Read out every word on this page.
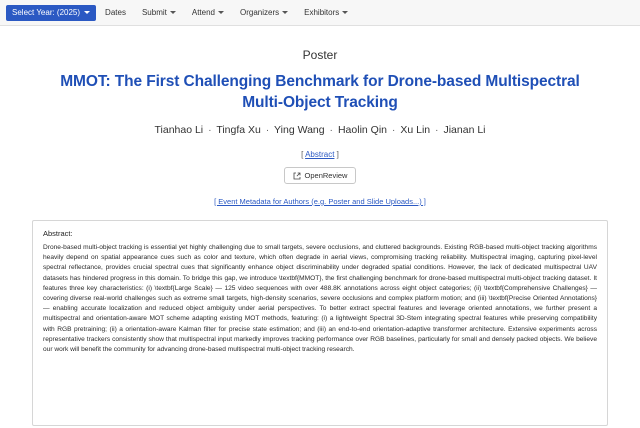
Select Year: (2025)	Dates Submit	Attend	Organizers	Exhibitors
Poster
MMOT: The First Challenging Benchmark for Drone-based Multispectral Multi-Object Tracking
Tianhao Li · Tingfa Xu · Ying Wang · Haolin Qin · Xu Lin · Jianan Li
[ Abstract ]
OpenReview
[ Event Metadata for Authors (e.g. Poster and Slide Uploads...) ]
Abstract:
Drone-based multi-object tracking is essential yet highly challenging due to small targets, severe occlusions, and cluttered backgrounds. Existing RGB-based multi-object tracking algorithms heavily depend on spatial appearance cues such as color and texture, which often degrade in aerial views, compromising tracking reliability. Multispectral imaging, capturing pixel-level spectral reflectance, provides crucial spectral cues that significantly enhance object discriminability under degraded spatial conditions. However, the lack of dedicated multispectral UAV datasets has hindered progress in this domain. To bridge this gap, we introduce \textbf{MMOT}, the first challenging benchmark for drone-based multispectral multi-object tracking dataset. It features three key characteristics: (i) \textbf{Large Scale} — 125 video sequences with over 488.8K annotations across eight object categories; (ii) \textbf{Comprehensive Challenges} — covering diverse real-world challenges such as extreme small targets, high-density scenarios, severe occlusions and complex platform motion; and (iii) \textbf{Precise Oriented Annotations} — enabling accurate localization and reduced object ambiguity under aerial perspectives. To better extract spectral features and leverage oriented annotations, we further present a multispectral and orientation-aware MOT scheme adapting existing MOT methods, featuring: (i) a lightweight Spectral 3D-Stem integrating spectral features while preserving compatibility with RGB pretraining; (ii) a orientation-aware Kalman filter for precise state estimation; and (iii) an end-to-end orientation-adaptive transformer architecture. Extensive experiments across representative trackers consistently show that multispectral input markedly improves tracking performance over RGB baselines, particularly for small and densely packed objects. We believe our work will benefit the community for advancing drone-based multispectral multi-object tracking research.
